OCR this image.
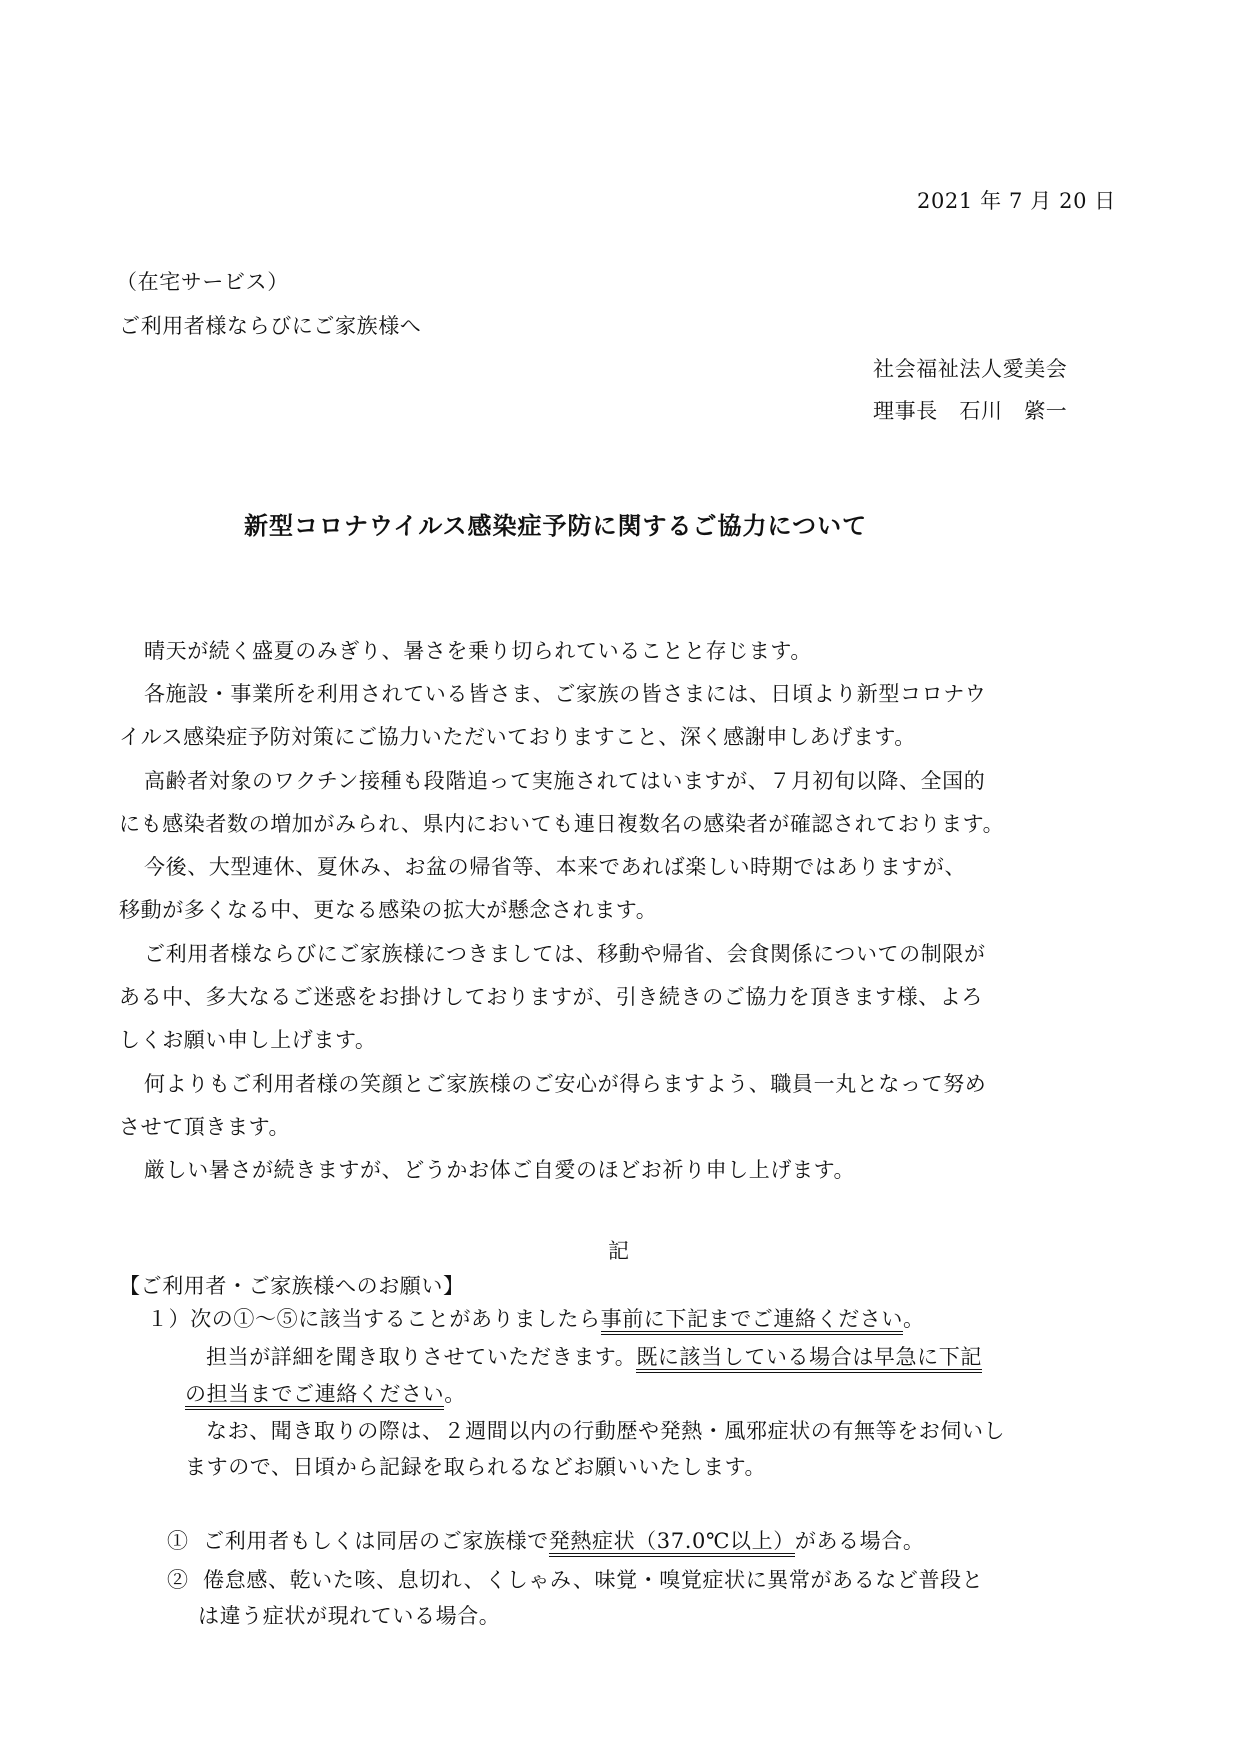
2021 年 7 月 20 日
（在宅サービス）
ご利用者様ならびにご家族様へ
社会福祉法人愛美会
理事長　石川　綮一
新型コロナウイルス感染症予防に関するご協力について
晴天が続く盛夏のみぎり、暑さを乗り切られていることと存じます。
各施設・事業所を利用されている皆さま、ご家族の皆さまには、日頃より新型コロナウ
イルス感染症予防対策にご協力いただいておりますこと、深く感謝申しあげます。
高齢者対象のワクチン接種も段階追って実施されてはいますが、７月初旬以降、全国的
にも感染者数の増加がみられ、県内においても連日複数名の感染者が確認されております。
今後、大型連休、夏休み、お盆の帰省等、本来であれば楽しい時期ではありますが、
移動が多くなる中、更なる感染の拡大が懸念されます。
ご利用者様ならびにご家族様につきましては、移動や帰省、会食関係についての制限が
ある中、多大なるご迷惑をお掛けしておりますが、引き続きのご協力を頂きます様、よろ
しくお願い申し上げます。
何よりもご利用者様の笑顔とご家族様のご安心が得らますよう、職員一丸となって努め
させて頂きます。
厳しい暑さが続きますが、どうかお体ご自愛のほどお祈り申し上げます。
記
【ご利用者・ご家族様へのお願い】
１）次の①～⑤に該当することがありましたら事前に下記までご連絡ください。
担当が詳細を聞き取りさせていただきます。既に該当している場合は早急に下記
の担当までご連絡ください。
なお、聞き取りの際は、２週間以内の行動歴や発熱・風邪症状の有無等をお伺いし
ますので、日頃から記録を取られるなどお願いいたします。
① ご利用者もしくは同居のご家族様で発熱症状（37.0℃以上）がある場合。
② 倦怠感、乾いた咳、息切れ、くしゃみ、味覚・嗅覚症状に異常があるなど普段と
は違う症状が現れている場合。
